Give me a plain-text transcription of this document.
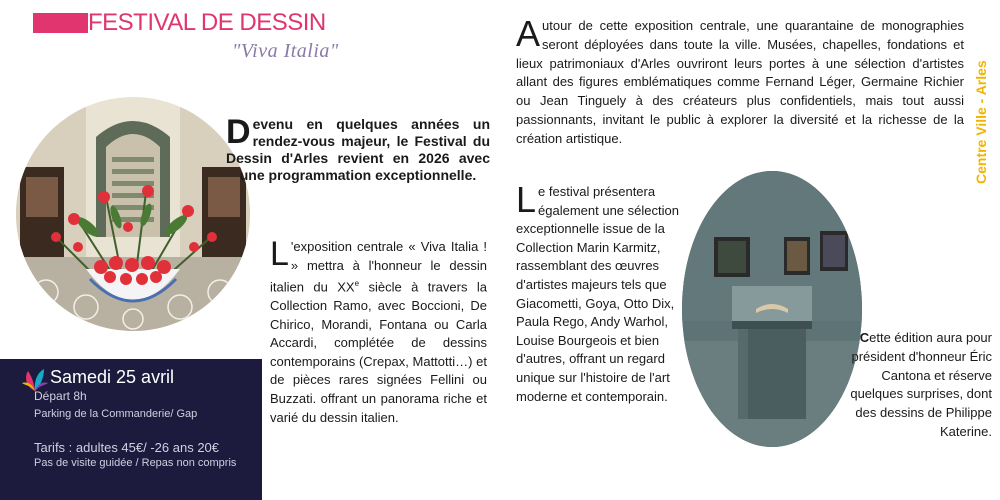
FESTIVAL DE DESSIN
"Viva Italia"
Samedi 25 avril
Départ 8h
Parking de la Commanderie/ Gap
Tarifs : adultes 45€/ -26 ans 20€
Pas de visite guidée / Repas non compris
Devenu en quelques années un rendez-vous majeur, le Festival du Dessin d'Arles revient en 2026 avec une programmation exceptionnelle.
L 'exposition centrale « Viva Italia ! » mettra à l'honneur le dessin italien du XXe siècle à travers la Collection Ramo, avec Boccioni, De Chirico, Morandi, Fontana ou Carla Accardi, complétée de dessins contemporains (Crepax, Mattotti…) et de pièces rares signées Fellini ou Buzzati. offrant un panorama riche et varié du dessin italien.
Autour de cette exposition centrale, une quarantaine de monographies seront déployées dans toute la ville. Musées, chapelles, fondations et lieux patrimoniaux d'Arles ouvriront leurs portes à une sélection d'artistes allant des figures emblématiques comme Fernand Léger, Germaine Richier ou Jean Tinguely à des créateurs plus confidentiels, mais tout aussi passionnants, invitant le public à explorer la diversité et la richesse de la création artistique.
Le festival présentera également une sélection exceptionnelle issue de la Collection Marin Karmitz, rassemblant des œuvres d'artistes majeurs tels que Giacometti, Goya, Otto Dix, Paula Rego, Andy Warhol, Louise Bourgeois et bien d'autres, offrant un regard unique sur l'histoire de l'art moderne et contemporain.
Cette édition aura pour président d'honneur Éric Cantona et réserve quelques surprises, dont des dessins de Philippe Katerine.
Centre Ville - Arles
